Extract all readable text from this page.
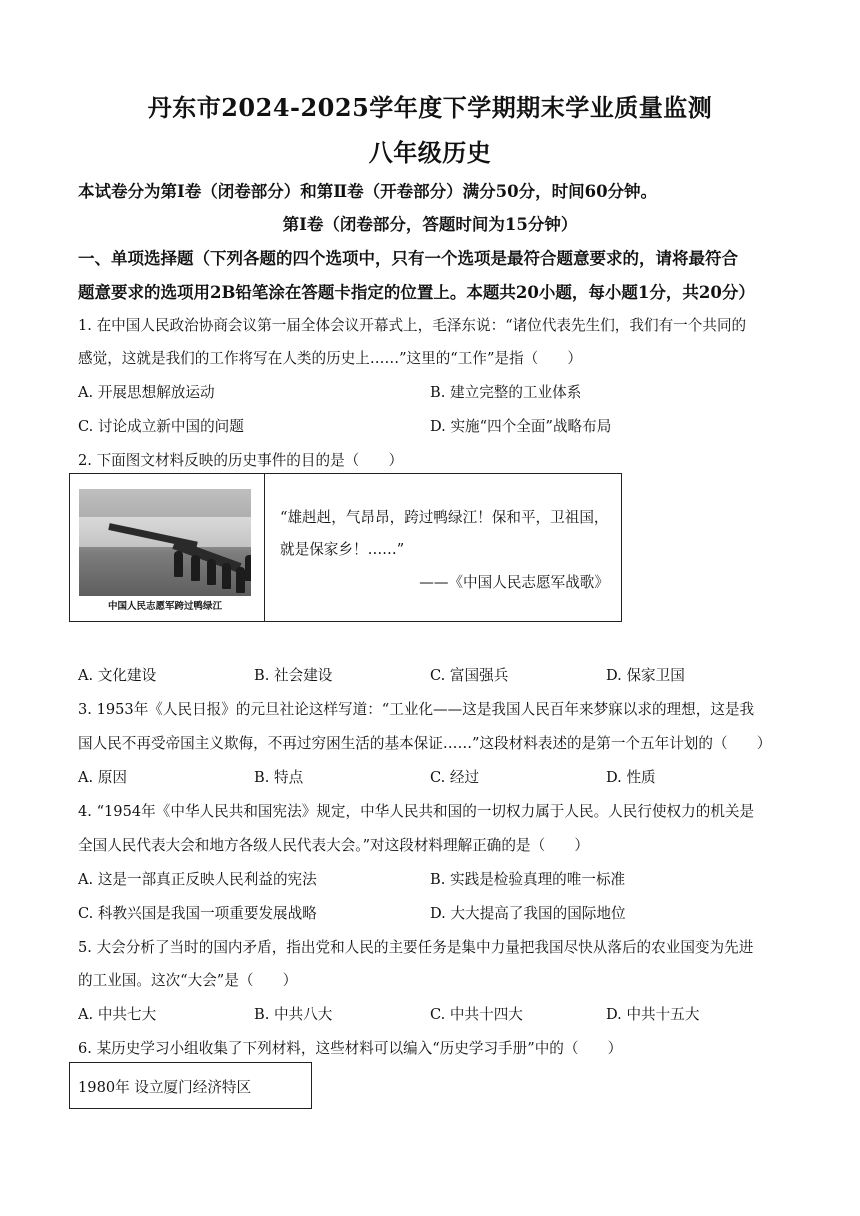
丹东市2024-2025学年度下学期期末学业质量监测
八年级历史
本试卷分为第Ⅰ卷（闭卷部分）和第Ⅱ卷（开卷部分）满分50分，时间60分钟。
第Ⅰ卷（闭卷部分，答题时间为15分钟）
一、单项选择题（下列各题的四个选项中，只有一个选项是最符合题意要求的，请将最符合
题意要求的选项用2B铅笔涂在答题卡指定的位置上。本题共20小题，每小题1分，共20分）
1. 在中国人民政治协商会议第一届全体会议开幕式上，毛泽东说：“诸位代表先生们，我们有一个共同的
感觉，这就是我们的工作将写在人类的历史上……”这里的“工作”是指（　　）
A. 开展思想解放运动	B. 建立完整的工业体系
C. 讨论成立新中国的问题	D. 实施“四个全面”战略布局
2. 下面图文材料反映的历史事件的目的是（　　）
中国人民志愿军跨过鸭绿江
“雄赳赳，气昂昂，跨过鸭绿江！保和平，卫祖国，
就是保家乡！……”
——《中国人民志愿军战歌》
A. 文化建设	B. 社会建设	C. 富国强兵	D. 保家卫国
3. 1953年《人民日报》的元旦社论这样写道：“工业化——这是我国人民百年来梦寐以求的理想，这是我
国人民不再受帝国主义欺侮，不再过穷困生活的基本保证……”这段材料表述的是第一个五年计划的（　　）
A. 原因	B. 特点	C. 经过	D. 性质
4. “1954年《中华人民共和国宪法》规定，中华人民共和国的一切权力属于人民。人民行使权力的机关是
全国人民代表大会和地方各级人民代表大会。”对这段材料理解正确的是（　　）
A. 这是一部真正反映人民利益的宪法	B. 实践是检验真理的唯一标准
C. 科教兴国是我国一项重要发展战略	D. 大大提高了我国的国际地位
5. 大会分析了当时的国内矛盾，指出党和人民的主要任务是集中力量把我国尽快从落后的农业国变为先进
的工业国。这次“大会”是（　　）
A. 中共七大	B. 中共八大	C. 中共十四大	D. 中共十五大
6. 某历史学习小组收集了下列材料，这些材料可以编入“历史学习手册”中的（　　）
1980年 设立厦门经济特区
